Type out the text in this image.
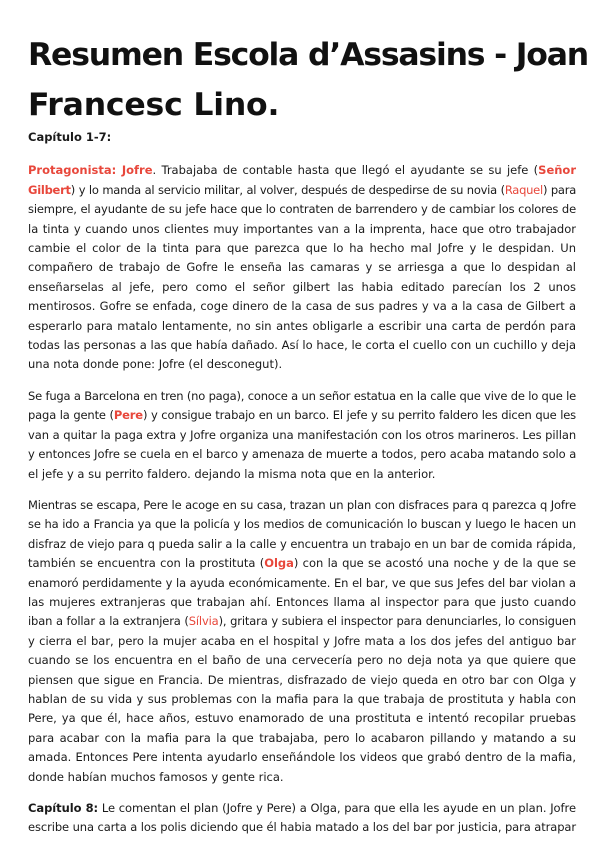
Resumen Escola d’Assasins - Joan
Francesc Lino.

Capítulo 1-7:

Protagonista: Jofre. Trabajaba de contable hasta que llegó el ayudante se su jefe (Señor
Gilbert) y lo manda al servicio militar, al volver, después de despedirse de su novia (Raquel) para
siempre, el ayudante de su jefe hace que lo contraten de barrendero y de cambiar los colores de
la tinta y cuando unos clientes muy importantes van a la imprenta, hace que otro trabajador
cambie el color de la tinta para que parezca que lo ha hecho mal Jofre y le despidan. Un
compañero de trabajo de Gofre le enseña las camaras y se arriesga a que lo despidan al
enseñarselas al jefe, pero como el señor gilbert las habia editado parecían los 2 unos
mentirosos. Gofre se enfada, coge dinero de la casa de sus padres y va a la casa de Gilbert a
esperarlo para matalo lentamente, no sin antes obligarle a escribir una carta de perdón para
todas las personas a las que había dañado. Así lo hace, le corta el cuello con un cuchillo y deja
una nota donde pone: Jofre (el desconegut).

Se fuga a Barcelona en tren (no paga), conoce a un señor estatua en la calle que vive de lo que le
paga la gente (Pere) y consigue trabajo en un barco. El jefe y su perrito faldero les dicen que les
van a quitar la paga extra y Jofre organiza una manifestación con los otros marineros. Les pillan
y entonces Jofre se cuela en el barco y amenaza de muerte a todos, pero acaba matando solo a
el jefe y a su perrito faldero. dejando la misma nota que en la anterior.

Mientras se escapa, Pere le acoge en su casa, trazan un plan con disfraces para q parezca q Jofre
se ha ido a Francia ya que la policía y los medios de comunicación lo buscan y luego le hacen un
disfraz de viejo para q pueda salir a la calle y encuentra un trabajo en un bar de comida rápida,
también se encuentra con la prostituta (Olga) con la que se acostó una noche y de la que se
enamoró perdidamente y la ayuda económicamente. En el bar, ve que sus Jefes del bar violan a
las mujeres extranjeras que trabajan ahí. Entonces llama al inspector para que justo cuando
iban a follar a la extranjera (Sílvia), gritara y subiera el inspector para denunciarles, lo consiguen
y cierra el bar, pero la mujer acaba en el hospital y Jofre mata a los dos jefes del antiguo bar
cuando se los encuentra en el baño de una cervecería pero no deja nota ya que quiere que
piensen que sigue en Francia. De mientras, disfrazado de viejo queda en otro bar con Olga y
hablan de su vida y sus problemas con la mafia para la que trabaja de prostituta y habla con
Pere, ya que él, hace años, estuvo enamorado de una prostituta e intentó recopilar pruebas
para acabar con la mafia para la que trabajaba, pero lo acabaron pillando y matando a su
amada. Entonces Pere intenta ayudarlo enseñándole los videos que grabó dentro de la mafia,
donde habían muchos famosos y gente rica.

Capítulo 8: Le comentan el plan (Jofre y Pere) a Olga, para que ella les ayude en un plan. Jofre
escribe una carta a los polis diciendo que él habia matado a los del bar por justicia, para atrapar
